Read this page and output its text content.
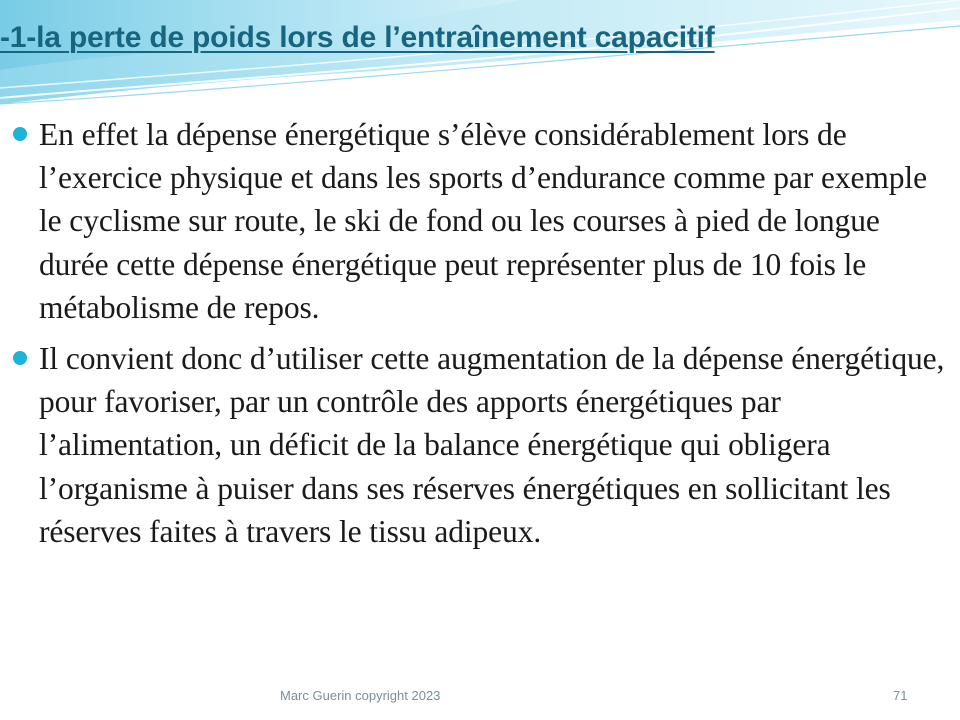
-1-la perte de poids lors de l’entraînement capacitif
En effet la dépense énergétique s’élève considérablement lors de l’exercice physique et dans les sports d’endurance comme par exemple le cyclisme sur route, le ski de fond ou les courses à pied de longue durée cette dépense énergétique peut représenter plus de 10 fois le métabolisme de repos.
Il convient donc d’utiliser cette augmentation de la dépense énergétique, pour favoriser, par un contrôle des apports énergétiques par l’alimentation, un déficit de la balance énergétique qui obligera l’organisme à puiser dans ses réserves énergétiques en sollicitant les réserves faites à travers le tissu adipeux.
Marc Guerin copyright 2023	71
